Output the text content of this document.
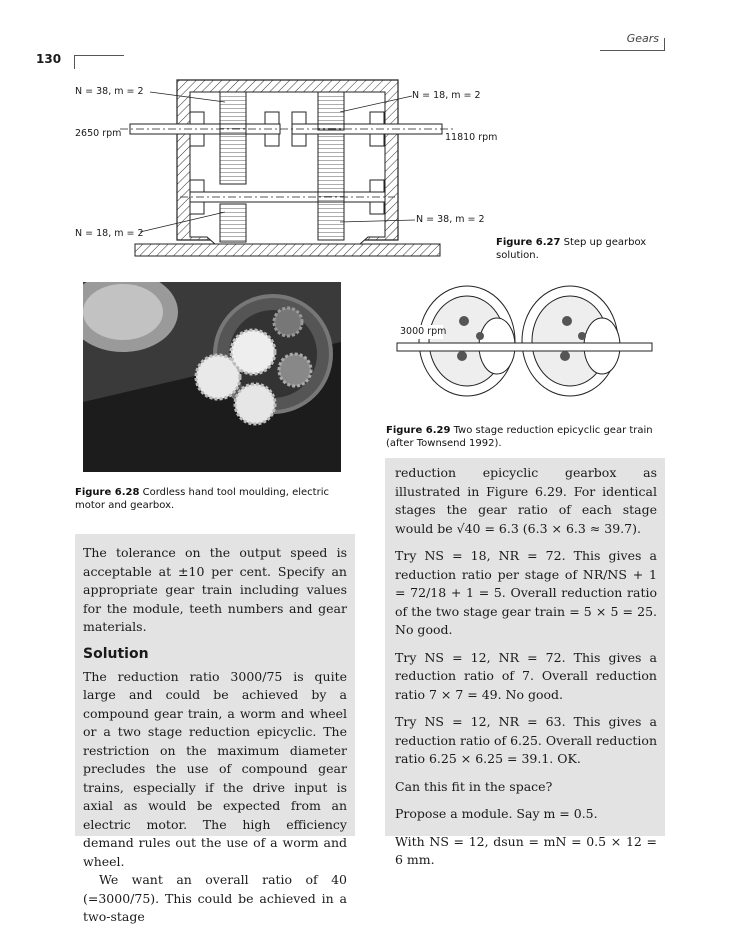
130
Gears
N = 38, m = 2	N = 18, m = 2
2650 rpm	11810 rpm
N = 38, m = 2
N = 18, m = 2
Figure 6.27 Step up gearbox solution.
Figure 6.28 Cordless hand tool moulding, electric motor and gearbox.
3000 rpm
Figure 6.29 Two stage reduction epicyclic gear train (after Townsend 1992).

The tolerance on the output speed is acceptable at ±10 per cent. Specify an appropriate gear train including values for the module, teeth numbers and gear materials.

Solution

The reduction ratio 3000/75 is quite large and could be achieved by a compound gear train, a worm and wheel or a two stage reduction epicyclic. The restriction on the maximum diameter precludes the use of compound gear trains, especially if the drive input is axial as would be expected from an electric motor. The high efficiency demand rules out the use of a worm and wheel.

We want an overall ratio of 40 (=3000/75). This could be achieved in a two-stage

reduction epicyclic gearbox as illustrated in Figure 6.29. For identical stages the gear ratio of each stage would be √40 = 6.3 (6.3 × 6.3 ≈ 39.7).

Try NS = 18, NR = 72. This gives a reduction ratio per stage of NR/NS + 1 = 72/18 + 1 = 5. Overall reduction ratio of the two stage gear train = 5 × 5 = 25. No good.

Try NS = 12, NR = 72. This gives a reduction ratio of 7. Overall reduction ratio 7 × 7 = 49. No good.

Try NS = 12, NR = 63. This gives a reduction ratio of 6.25. Overall reduction ratio 6.25 × 6.25 = 39.1. OK.

Can this fit in the space?

Propose a module. Say m = 0.5.

With NS = 12, dsun = mN = 0.5 × 12 = 6 mm.
